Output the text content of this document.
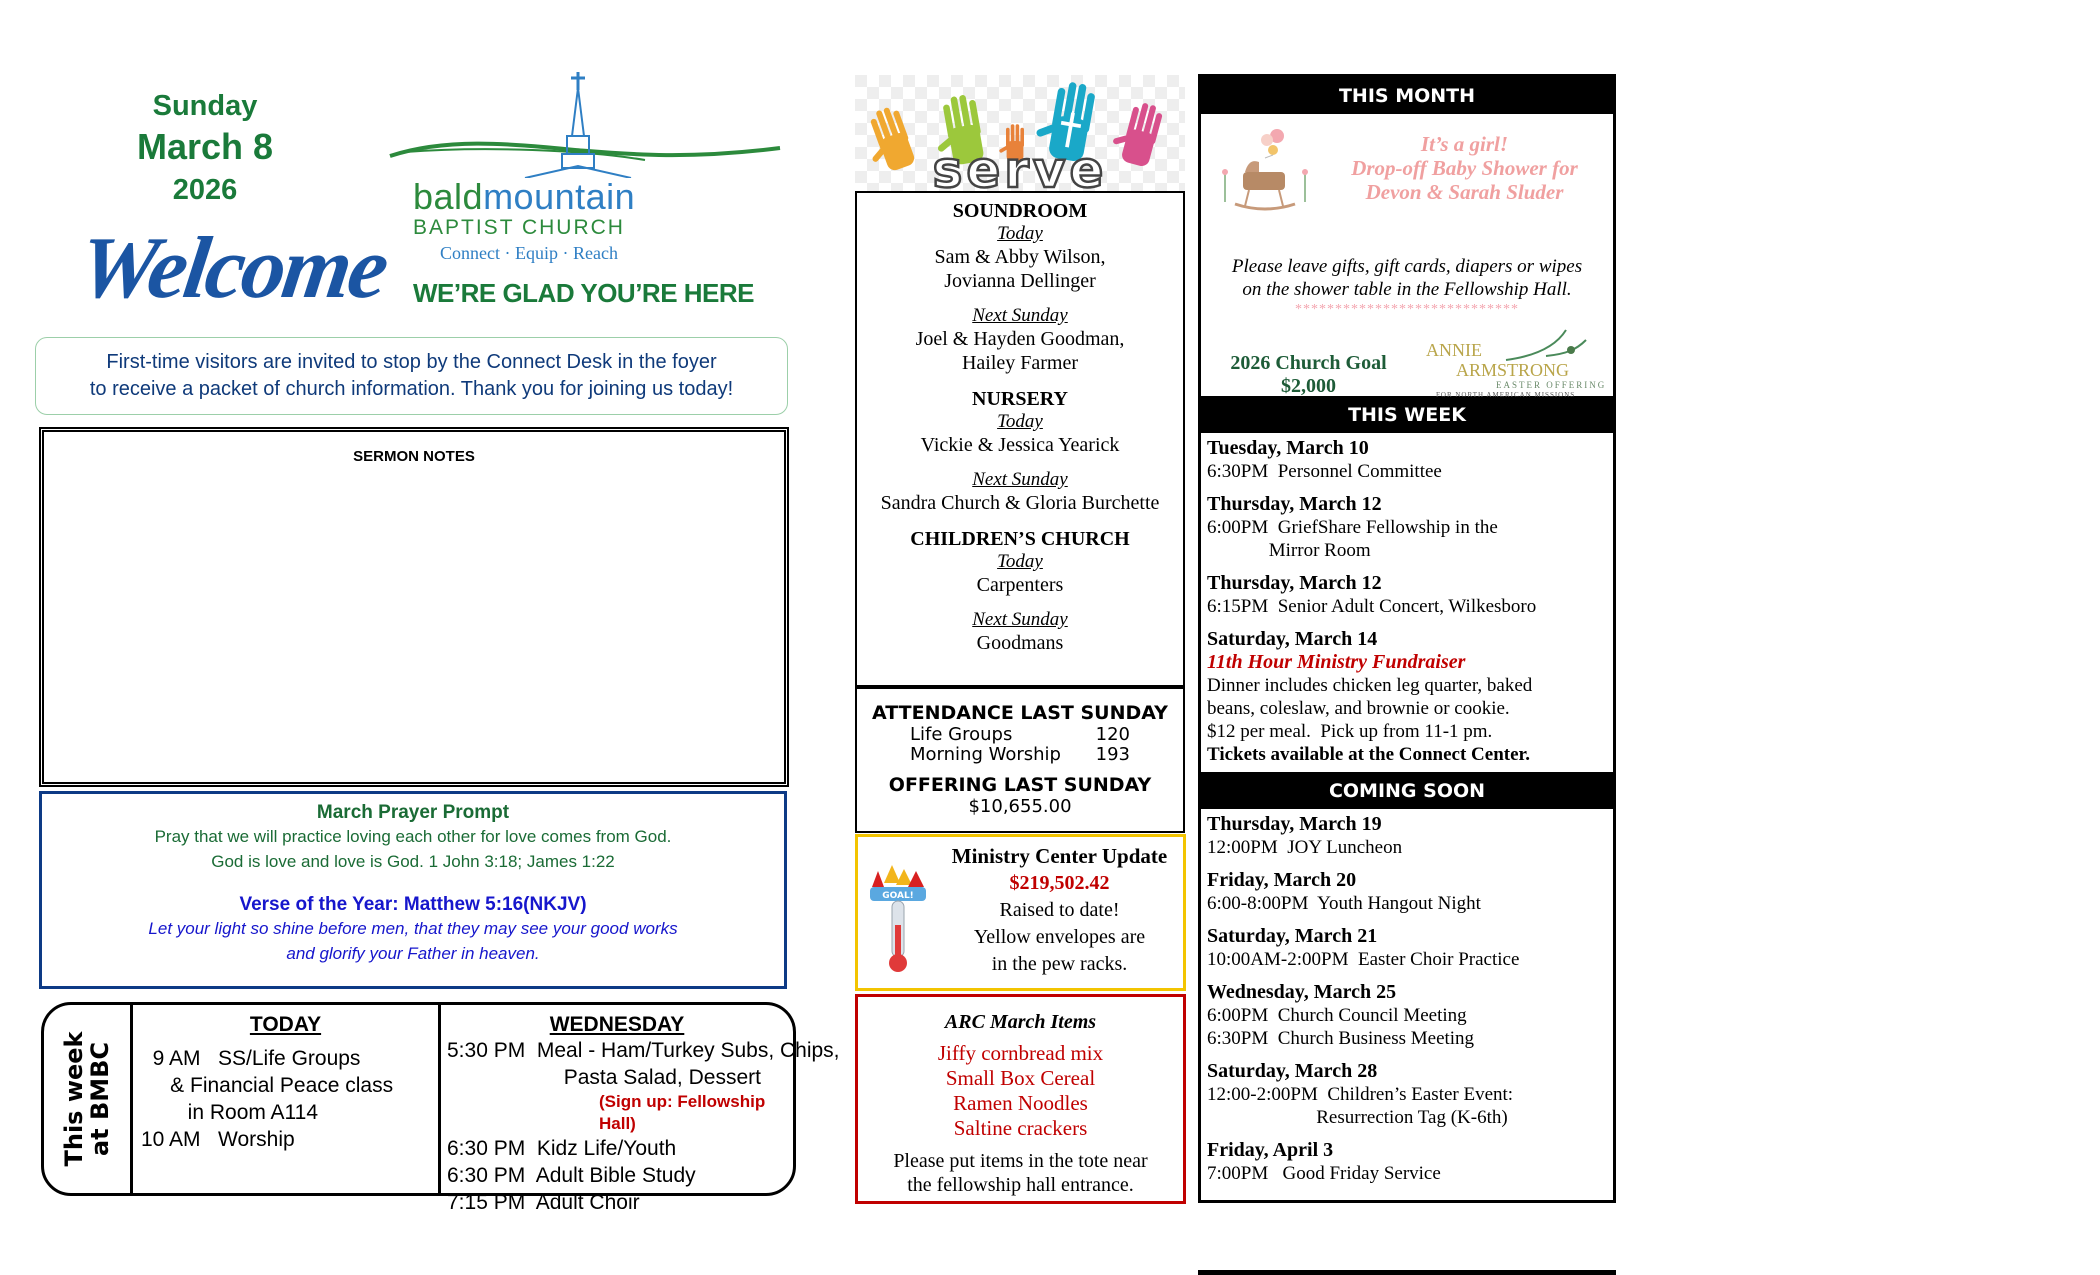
Sunday
March 8
2026	baldmountain
BAPTIST CHURCH
Connect · Equip · Reach
Welcome WE’RE GLAD YOU’RE HERE
First-time visitors are invited to stop by the Connect Desk in the foyer
to receive a packet of church information. Thank you for joining us today!
SERMON NOTES
March Prayer Prompt
Pray that we will practice loving each other for love comes from God.
God is love and love is God. 1 John 3:18; James 1:22
Verse of the Year: Matthew 5:16(NKJV)
Let your light so shine before men, that they may see your good works
and glorify your Father in heaven.
This week
at BMBC
TODAY
9 AM   SS/Life Groups
& Financial Peace class
in Room A114
10 AM   Worship
WEDNESDAY
5:30 PM  Meal - Ham/Turkey Subs, Chips,
Pasta Salad, Dessert
(Sign up: Fellowship Hall)
6:30 PM  Kidz Life/Youth
6:30 PM  Adult Bible Study
7:15 PM  Adult Choir
serve
SOUNDROOM
Today
Sam & Abby Wilson,
Jovianna Dellinger
Next Sunday
Joel & Hayden Goodman,
Hailey Farmer
NURSERY
Today
Vickie & Jessica Yearick
Next Sunday
Sandra Church & Gloria Burchette
CHILDREN’S CHURCH
Today
Carpenters
Next Sunday
Goodmans
ATTENDANCE LAST SUNDAY
Life Groups	120
Morning Worship	193
OFFERING LAST SUNDAY
$10,655.00
GOAL!
Ministry Center Update
$219,502.42
Raised to date!
Yellow envelopes are
in the pew racks.
ARC March Items
Jiffy cornbread mix
Small Box Cereal
Ramen Noodles
Saltine crackers
Please put items in the tote near
the fellowship hall entrance.
THIS MONTH
It’s a girl!
Drop-off Baby Shower for
Devon & Sarah Sluder
Please leave gifts, gift cards, diapers or wipes
on the shower table in the Fellowship Hall.
****************************
2026 Church Goal
$2,000
ANNIE
ARMSTRONG
EASTER OFFERING
FOR NORTH AMERICAN MISSIONS
THIS WEEK
Tuesday, March 10
6:30PM  Personnel Committee
Thursday, March 12
6:00PM  GriefShare Fellowship in the
Mirror Room
Thursday, March 12
6:15PM  Senior Adult Concert, Wilkesboro
Saturday, March 14
11th Hour Ministry Fundraiser
Dinner includes chicken leg quarter, baked
beans, coleslaw, and brownie or cookie.
$12 per meal.  Pick up from 11-1 pm.
Tickets available at the Connect Center.
COMING SOON
Thursday, March 19
12:00PM  JOY Luncheon
Friday, March 20
6:00-8:00PM  Youth Hangout Night
Saturday, March 21
10:00AM-2:00PM  Easter Choir Practice
Wednesday, March 25
6:00PM  Church Council Meeting
6:30PM  Church Business Meeting
Saturday, March 28
12:00-2:00PM  Children’s Easter Event:
Resurrection Tag (K-6th)
Friday, April 3
7:00PM   Good Friday Service
